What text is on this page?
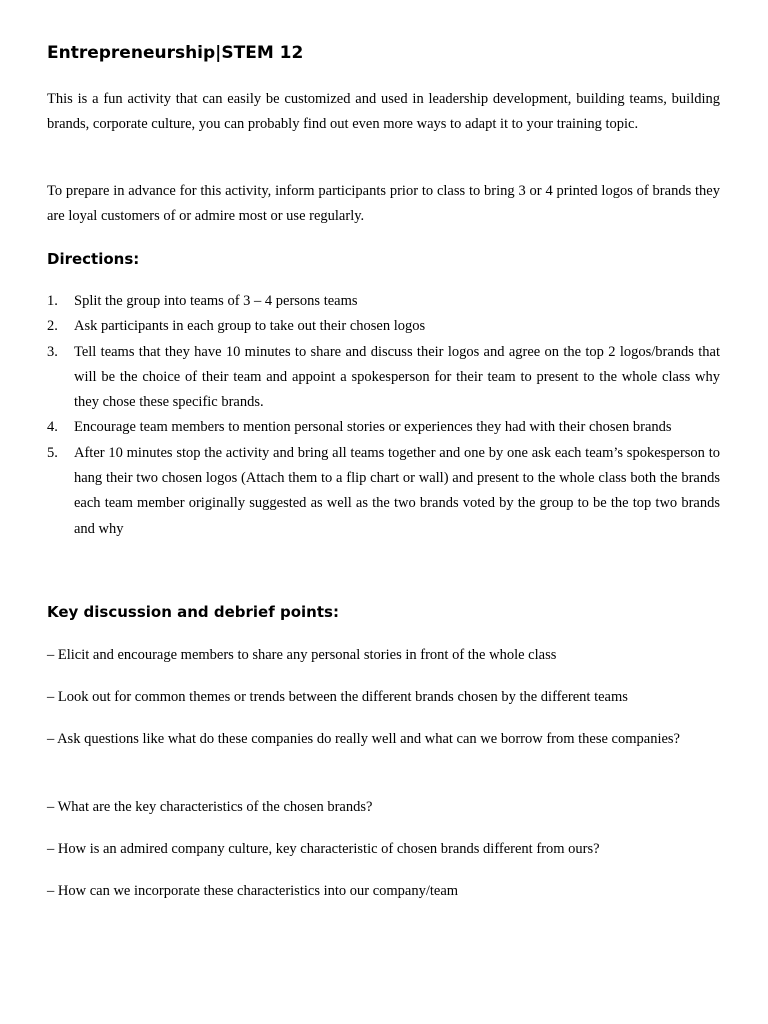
Entrepreneurship|STEM 12

This is a fun activity that can easily be customized and used in leadership development, building teams, building brands, corporate culture, you can probably find out even more ways to adapt it to your training topic.

To prepare in advance for this activity, inform participants prior to class to bring 3 or 4 printed logos of brands they are loyal customers of or admire most or use regularly.

Directions:
1. Split the group into teams of 3 – 4 persons teams
2. Ask participants in each group to take out their chosen logos
3. Tell teams that they have 10 minutes to share and discuss their logos and agree on the top 2 logos/brands that will be the choice of their team and appoint a spokesperson for their team to present to the whole class why they chose these specific brands.
4. Encourage team members to mention personal stories or experiences they had with their chosen brands
5. After 10 minutes stop the activity and bring all teams together and one by one ask each team’s spokesperson to hang their two chosen logos (Attach them to a flip chart or wall) and present to the whole class both the brands each team member originally suggested as well as the two brands voted by the group to be the top two brands and why
Key discussion and debrief points:

– Elicit and encourage members to share any personal stories in front of the whole class

– Look out for common themes or trends between the different brands chosen by the different teams

– Ask questions like what do these companies do really well and what can we borrow from these companies?

– What are the key characteristics of the chosen brands?

– How is an admired company culture, key characteristic of chosen brands different from ours?

– How can we incorporate these characteristics into our company/team
